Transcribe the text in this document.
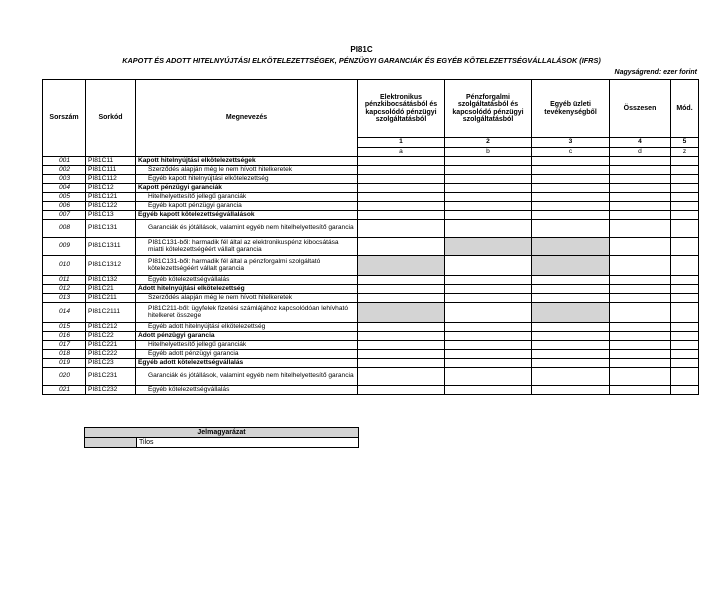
PI81C
KAPOTT ÉS ADOTT HITELNYÚJTÁSI ELKÖTELEZETTSÉGEK, PÉNZÜGYI GARANCIÁK ÉS EGYÉB KÖTELEZETTSÉGVÁLLALÁSOK (IFRS)
Nagyságrend: ezer forint
Sorszám	Sorkód	Megnevezés	Elektronikus pénzkibocsátásból és kapcsolódó pénzügyi szolgáltatásból	Pénzforgalmi szolgáltatásból és kapcsolódó pénzügyi szolgáltatásból	Egyéb üzleti tevékenységből	Összesen	Mód.
			1	2	3	4	5
			a	b	c	d	z
001	PI81C11	Kapott hitelnyújtási elkötelezettségek					
002	PI81C111	Szerződés alapján még le nem hívott hitelkeretek					
003	PI81C112	Egyéb kapott hitelnyújtási elkötelezettség					
004	PI81C12	Kapott pénzügyi garanciák					
005	PI81C121	Hitelhelyettesítő jellegű garanciák					
006	PI81C122	Egyéb kapott pénzügyi garancia					
007	PI81C13	Egyéb kapott kötelezettségvállalások					
008	PI81C131	Garanciák és jótállások, valamint egyéb nem hitelhelyettesítő garancia					
009	PI81C1311	PI81C131-ből: harmadik fél által az elektronikuspénz kibocsátása miatti kötelezettségéért vállalt garancia					
010	PI81C1312	PI81C131-ből: harmadik fél által a pénzforgalmi szolgáltató kötelezettségéért vállalt garancia					
011	PI81C132	Egyéb kötelezettségvállalás					
012	PI81C21	Adott hitelnyújtási elkötelezettség					
013	PI81C211	Szerződés alapján még le nem hívott hitelkeretek					
014	PI81C2111	PI81C211-ből: ügyfelek fizetési számlájához kapcsolódóan lehívható hitelkeret összege					
015	PI81C212	Egyéb adott hitelnyújtási elkötelezettség					
016	PI81C22	Adott pénzügyi garancia					
017	PI81C221	Hitelhelyettesítő jellegű garanciák					
018	PI81C222	Egyéb adott pénzügyi garancia					
019	PI81C23	Egyéb adott kötelezettségvállalás					
020	PI81C231	Garanciák és jótállások, valamint egyéb nem hitelhelyettesítő garancia					
021	PI81C232	Egyéb kötelezettségvállalás					
Jelmagyarázat
	Tilos
